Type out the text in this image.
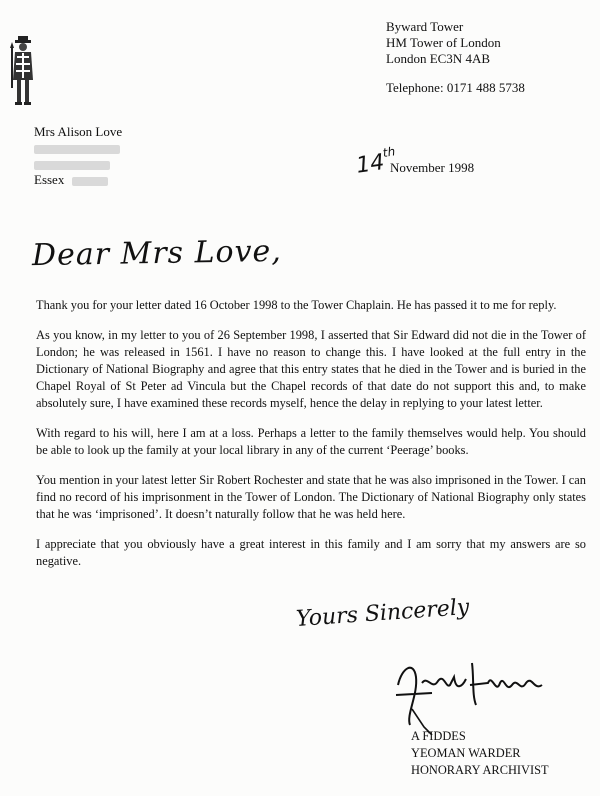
Byward Tower
HM Tower of London
London EC3N 4AB
Telephone: 0171 488 5738
Mrs Alison Love
Essex
14th
November 1998
Dear Mrs Love,

Thank you for your letter dated 16 October 1998 to the Tower Chaplain. He has passed it to me for reply.

As you know, in my letter to you of 26 September 1998, I asserted that Sir Edward did not die in the Tower of London; he was released in 1561. I have no reason to change this. I have looked at the full entry in the Dictionary of National Biography and agree that this entry states that he died in the Tower and is buried in the Chapel Royal of St Peter ad Vincula but the Chapel records of that date do not support this and, to make absolutely sure, I have examined these records myself, hence the delay in replying to your latest letter.

With regard to his will, here I am at a loss. Perhaps a letter to the family themselves would help. You should be able to look up the family at your local library in any of the current ‘Peerage’ books.

You mention in your latest letter Sir Robert Rochester and state that he was also imprisoned in the Tower. I can find no record of his imprisonment in the Tower of London. The Dictionary of National Biography only states that he was ‘imprisoned’. It doesn’t naturally follow that he was held here.

I appreciate that you obviously have a great interest in this family and I am sorry that my answers are so negative.

Yours Sincerely
A FIDDES
YEOMAN WARDER
HONORARY ARCHIVIST
